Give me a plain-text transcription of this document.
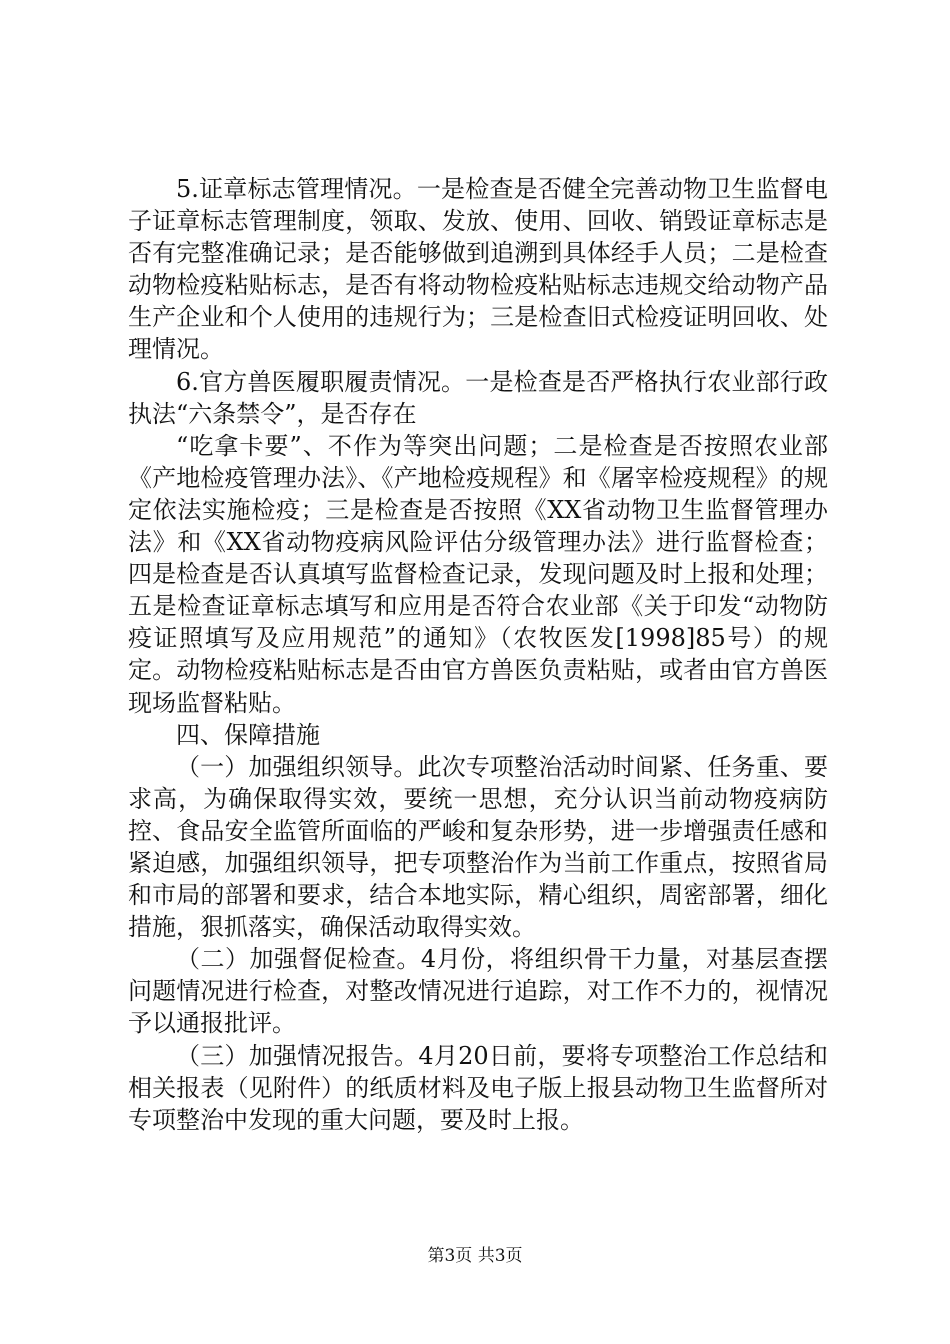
5.证章标志管理情况。一是检查是否健全完善动物卫生监督电子证章标志管理制度，领取、发放、使用、回收、销毁证章标志是否有完整准确记录；是否能够做到追溯到具体经手人员；二是检查动物检疫粘贴标志，是否有将动物检疫粘贴标志违规交给动物产品生产企业和个人使用的违规行为；三是检查旧式检疫证明回收、处理情况。

6.官方兽医履职履责情况。一是检查是否严格执行农业部行政执法“六条禁令”，是否存在

“吃拿卡要”、不作为等突出问题；二是检查是否按照农业部《产地检疫管理办法》、《产地检疫规程》和《屠宰检疫规程》的规定依法实施检疫；三是检查是否按照《XX省动物卫生监督管理办法》和《XX省动物疫病风险评估分级管理办法》进行监督检查；四是检查是否认真填写监督检查记录，发现问题及时上报和处理；五是检查证章标志填写和应用是否符合农业部《关于印发“动物防疫证照填写及应用规范”的通知》（农牧医发[1998]85号）的规定。动物检疫粘贴标志是否由官方兽医负责粘贴，或者由官方兽医现场监督粘贴。

四、保障措施

（一）加强组织领导。此次专项整治活动时间紧、任务重、要求高，为确保取得实效，要统一思想，充分认识当前动物疫病防控、食品安全监管所面临的严峻和复杂形势，进一步增强责任感和紧迫感，加强组织领导，把专项整治作为当前工作重点，按照省局和市局的部署和要求，结合本地实际，精心组织，周密部署，细化措施，狠抓落实，确保活动取得实效。

（二）加强督促检查。4月份，将组织骨干力量，对基层查摆问题情况进行检查，对整改情况进行追踪，对工作不力的，视情况予以通报批评。

（三）加强情况报告。4月20日前，要将专项整治工作总结和相关报表（见附件）的纸质材料及电子版上报县动物卫生监督所对专项整治中发现的重大问题，要及时上报。

第3页 共3页
